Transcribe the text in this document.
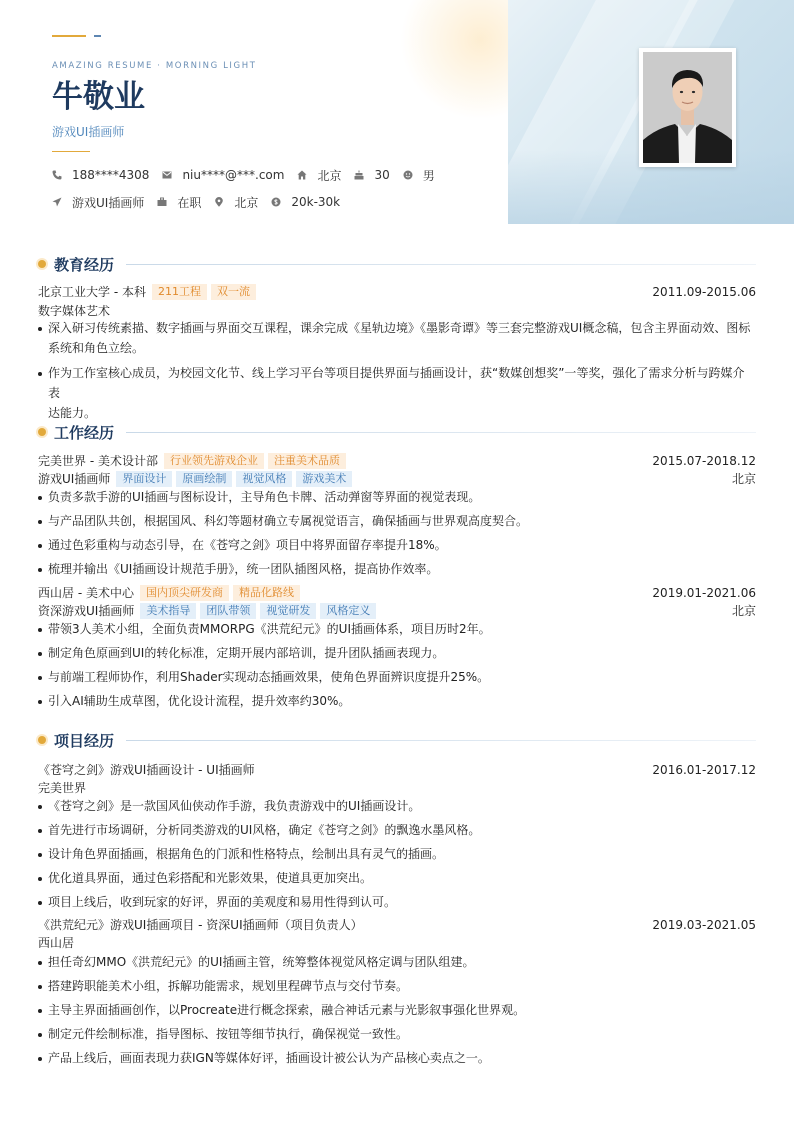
AMAZING RESUME · MORNING LIGHT
牛敬业
游戏UI插画师
188****4308	niu****@***.com	北京	30	男
游戏UI插画师	在职	北京	20k-30k
教育经历
北京工业大学 - 本科	211工程	双一流	2011.09-2015.06
数字媒体艺术
深入研习传统素描、数字插画与界面交互课程，课余完成《星轨边境》《墨影奇谭》等三套完整游戏UI概念稿，包含主界面动效、图标
系统和角色立绘。
作为工作室核心成员，为校园文化节、线上学习平台等项目提供界面与插画设计，获“数媒创想奖”一等奖，强化了需求分析与跨媒介表
达能力。
工作经历
完美世界 - 美术设计部	行业领先游戏企业	注重美术品质	2015.07-2018.12
游戏UI插画师	界面设计	原画绘制	视觉风格	游戏美术	北京
负责多款手游的UI插画与图标设计，主导角色卡牌、活动弹窗等界面的视觉表现。
与产品团队共创，根据国风、科幻等题材确立专属视觉语言，确保插画与世界观高度契合。
通过色彩重构与动态引导，在《苍穹之剑》项目中将界面留存率提升18%。
梳理并输出《UI插画设计规范手册》，统一团队插图风格，提高协作效率。
西山居 - 美术中心	国内顶尖研发商	精品化路线	2019.01-2021.06
资深游戏UI插画师	美术指导	团队带领	视觉研发	风格定义	北京
带领3人美术小组，全面负责MMORPG《洪荒纪元》的UI插画体系，项目历时2年。
制定角色原画到UI的转化标准，定期开展内部培训，提升团队插画表现力。
与前端工程师协作，利用Shader实现动态插画效果，使角色界面辨识度提升25%。
引入AI辅助生成草图，优化设计流程，提升效率约30%。
项目经历
《苍穹之剑》游戏UI插画设计 - UI插画师	2016.01-2017.12
完美世界
《苍穹之剑》是一款国风仙侠动作手游，我负责游戏中的UI插画设计。
首先进行市场调研，分析同类游戏的UI风格，确定《苍穹之剑》的飘逸水墨风格。
设计角色界面插画，根据角色的门派和性格特点，绘制出具有灵气的插画。
优化道具界面，通过色彩搭配和光影效果，使道具更加突出。
项目上线后，收到玩家的好评，界面的美观度和易用性得到认可。
《洪荒纪元》游戏UI插画项目 - 资深UI插画师（项目负责人）	2019.03-2021.05
西山居
担任奇幻MMO《洪荒纪元》的UI插画主管，统筹整体视觉风格定调与团队组建。
搭建跨职能美术小组，拆解功能需求，规划里程碑节点与交付节奏。
主导主界面插画创作，以Procreate进行概念探索，融合神话元素与光影叙事强化世界观。
制定元件绘制标准，指导图标、按钮等细节执行，确保视觉一致性。
产品上线后，画面表现力获IGN等媒体好评，插画设计被公认为产品核心卖点之一。
